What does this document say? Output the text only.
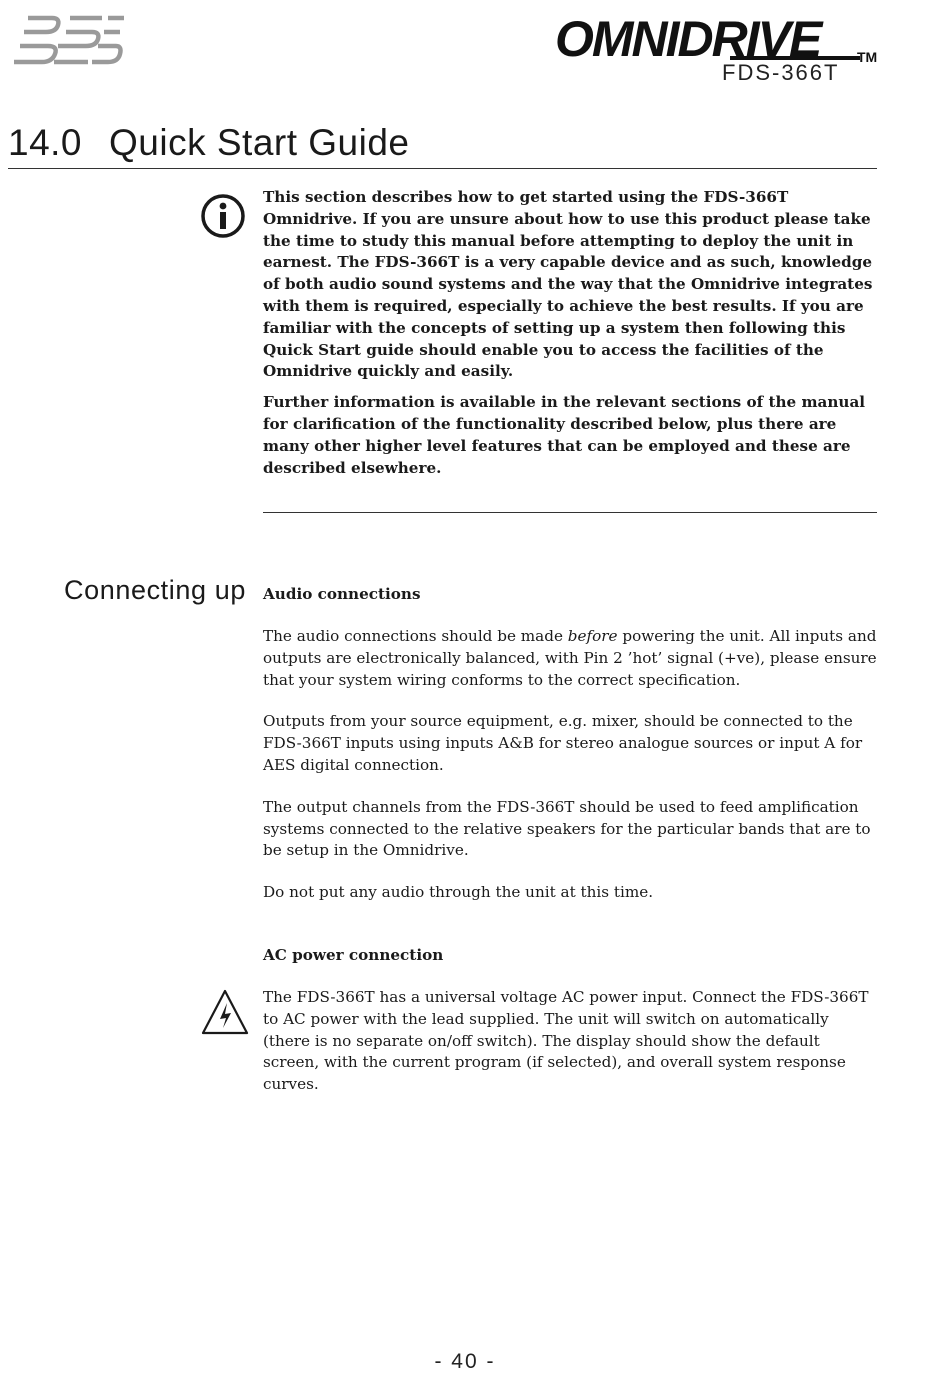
OMNIDRIVE	TM
FDS-366T
14.0 Quick Start Guide

This section describes how to get started using the FDS-366T Omnidrive. If you are unsure about how to use this product please take the time to study this manual before attempting to deploy the unit in earnest. The FDS-366T is a very capable device and as such, knowledge of both audio sound systems and the way that the Omnidrive integrates with them is required, especially to achieve the best results. If you are familiar with the concepts of setting up a system then following this Quick Start guide should enable you to access the facilities of the Omnidrive quickly and easily.

Further information is available in the relevant sections of the manual for clarification of the functionality described below, plus there are many other higher level features that can be employed and these are described elsewhere.

Connecting up Audio connections

The audio connections should be made before powering the unit. All inputs and outputs are electronically balanced, with Pin 2 ’hot’ signal (+ve), please ensure that your system wiring conforms to the correct specification.

Outputs from your source equipment, e.g. mixer, should be connected to the FDS-366T inputs using inputs A&B for stereo analogue sources or input A for AES digital connection.

The output channels from the FDS-366T should be used to feed amplification systems connected to the relative speakers for the particular bands that are to be setup in the Omnidrive.

Do not put any audio through the unit at this time.

AC power connection

The FDS-366T has a universal voltage AC power input. Connect the FDS-366T to AC power with the lead supplied. The unit will switch on automatically (there is no separate on/off switch). The display should show the default screen, with the current program (if selected), and overall system response curves.

- 40 -
